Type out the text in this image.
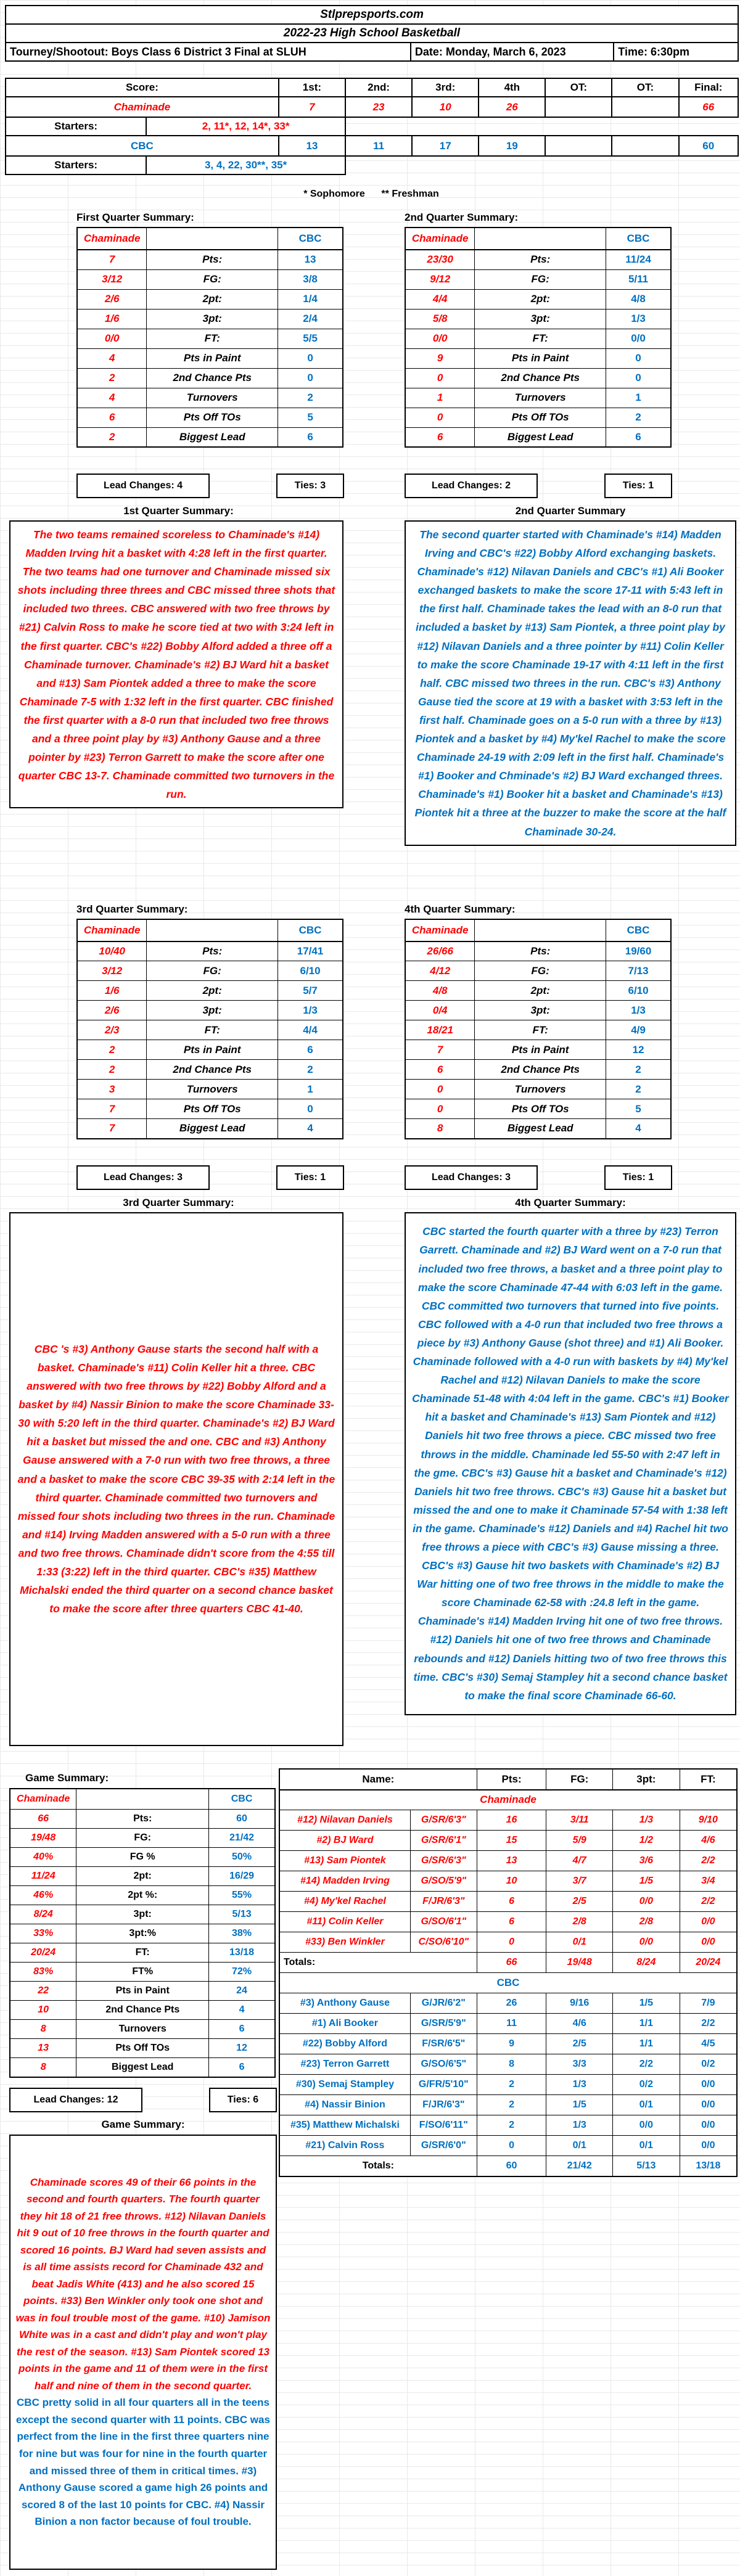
Stlprepsports.com
2022-23 High School Basketball
Tourney/Shootout: Boys Class 6 District 3 Final at SLUH	Date: Monday, March 6, 2023	Time: 6:30pm
Score:		1st:	2nd:	3rd:	4th	OT:	OT:	Final:
Chaminade		7	23	10	26			66
Starters:	2, 11*, 12, 14*, 33*							
CBC		13	11	17	19			60
Starters:	3, 4, 22, 30**, 35*							
* Sophomore      ** Freshman
First Quarter Summary:
Chaminade		CBC
7	Pts:	13
3/12	FG:	3/8
2/6	2pt:	1/4
1/6	3pt:	2/4
0/0	FT:	5/5
4	Pts in Paint	0
2	2nd Chance Pts	0
4	Turnovers	2
6	Pts Off TOs	5
2	Biggest Lead	6
Lead Changes: 4	Ties: 3
1st Quarter Summary:
The two teams remained scoreless to Chaminade's #14) Madden Irving hit a basket with 4:28 left in the first quarter. The two teams had one turnover and Chaminade missed six shots including three threes and CBC missed three shots that included two threes. CBC answered with two free throws by #21) Calvin Ross to make he score tied at two with 3:24 left in the first quarter. CBC's #22) Bobby Alford added a three off a Chaminade turnover. Chaminade's #2) BJ Ward hit a basket and #13) Sam Piontek added a three to make the score Chaminade 7-5 with 1:32 left in the first quarter. CBC finished the first quarter with a 8-0 run that included two free throws and a three point play by #3) Anthony Gause and a three pointer by #23) Terron Garrett to make the score after one quarter CBC 13-7. Chaminade committed two turnovers in the run.
2nd Quarter Summary:
Chaminade		CBC
23/30	Pts:	11/24
9/12	FG:	5/11
4/4	2pt:	4/8
5/8	3pt:	1/3
0/0	FT:	0/0
9	Pts in Paint	0
0	2nd Chance Pts	0
1	Turnovers	1
0	Pts Off TOs	2
6	Biggest Lead	6
Lead Changes: 2	Ties: 1
2nd Quarter Summary
The second quarter started with Chaminade's #14) Madden Irving and CBC's #22) Bobby Alford exchanging baskets. Chaminade's #12) Nilavan Daniels and CBC's #1) Ali Booker exchanged baskets to make the score 17-11 with 5:43 left in the first half. Chaminade takes the lead with an 8-0 run that included a basket by #13) Sam Piontek, a three point play by #12) Nilavan Daniels and a three pointer by #11) Colin Keller to make the score Chaminade 19-17 with 4:11 left in the first half. CBC missed two threes in the run. CBC's #3) Anthony Gause tied the score at 19 with a basket with 3:53 left in the first half. Chaminade goes on a 5-0 run with a three by #13) Piontek and a basket by #4) My'kel Rachel to make the score Chaminade 24-19 with 2:09 left in the first half. Chaminade's #1) Booker and Chminade's #2) BJ Ward exchanged threes. Chaminade's #1) Booker hit a basket and Chaminade's #13) Piontek hit a three at the buzzer to make the score at the half Chaminade 30-24.
3rd Quarter Summary:
Chaminade		CBC
10/40	Pts:	17/41
3/12	FG:	6/10
1/6	2pt:	5/7
2/6	3pt:	1/3
2/3	FT:	4/4
2	Pts in Paint	6
2	2nd Chance Pts	2
3	Turnovers	1
7	Pts Off TOs	0
7	Biggest Lead	4
Lead Changes: 3	Ties: 1
3rd Quarter Summary:
CBC 's #3) Anthony Gause starts the second half with a basket. Chaminade's #11) Colin Keller hit a three. CBC answered with two free throws by #22) Bobby Alford and a basket by #4) Nassir Binion to make the score Chaminade 33-30 with 5:20 left in the third quarter. Chaminade's #2) BJ Ward hit a basket but missed the and one. CBC and #3) Anthony Gause answered with a 7-0 run with two free throws, a three and a basket to make the score CBC 39-35 with 2:14 left in the third quarter. Chaminade committed two turnovers and missed four shots including two threes in the run. Chaminade and #14) Irving Madden answered with a 5-0 run with a three and two free throws. Chaminade didn't score from the 4:55 till 1:33 (3:22) left in the third quarter. CBC's #35) Matthew Michalski ended the third quarter on a second chance basket to make the score after three quarters CBC 41-40.
4th Quarter Summary:
Chaminade		CBC
26/66	Pts:	19/60
4/12	FG:	7/13
4/8	2pt:	6/10
0/4	3pt:	1/3
18/21	FT:	4/9
7	Pts in Paint	12
6	2nd Chance Pts	2
0	Turnovers	2
0	Pts Off TOs	5
8	Biggest Lead	4
Lead Changes: 3	Ties: 1
4th Quarter Summary:
CBC started the fourth quarter with a three by #23) Terron Garrett. Chaminade and #2) BJ Ward went on a 7-0 run that included two free throws, a basket and a three point play to make the score Chaminade 47-44 with 6:03 left in the game. CBC committed two turnovers that turned into five points. CBC followed with a 4-0 run that included two free throws a piece by #3) Anthony Gause (shot three) and #1) Ali Booker. Chaminade followed with a 4-0 run with baskets by #4) My'kel Rachel and #12) Nilavan Daniels to make the score Chaminade 51-48 with 4:04 left in the game. CBC's #1) Booker hit a basket and Chaminade's #13) Sam Piontek and #12) Daniels hit two free throws a piece. CBC missed two free throws in the middle. Chaminade led 55-50 with 2:47 left in the gme. CBC's #3) Gause hit a basket and Chaminade's #12) Daniels hit two free throws. CBC's #3) Gause hit a basket but missed the and one to make it Chaminade 57-54 with 1:38 left in the game. Chaminade's #12) Daniels and #4) Rachel hit two free throws a piece with CBC's #3) Gause missing a three. CBC's #3) Gause hit two baskets with Chaminade's #2) BJ War hitting one of two free throws in the middle to make the score Chaminade 62-58 with :24.8 left in the game. Chaminade's #14) Madden Irving hit one of two free throws. #12) Daniels hit one of two free throws and Chaminade rebounds and #12) Daniels hitting two of two free throws this time. CBC's #30) Semaj Stampley hit a second chance basket to make the final score Chaminade 66-60.
Game Summary:
Chaminade		CBC
66	Pts:	60
19/48	FG:	21/42
40%	FG %	50%
11/24	2pt:	16/29
46%	2pt %:	55%
8/24	3pt:	5/13
33%	3pt:%	38%
20/24	FT:	13/18
83%	FT%	72%
22	Pts in Paint	24
10	2nd Chance Pts	4
8	Turnovers	6
13	Pts Off TOs	12
8	Biggest Lead	6
Lead Changes: 12	Ties: 6
Game Summary:
Chaminade scores 49 of their 66 points in the second and fourth quarters. The fourth quarter they hit 18 of 21 free throws. #12) Nilavan Daniels hit 9 out of 10 free throws in the fourth quarter and scored 16 points. BJ Ward had seven assists and is all time assists record for Chaminade 432 and beat Jadis White (413) and he also scored 15 points. #33) Ben Winkler only took one shot and was in foul trouble most of the game. #10) Jamison White was in a cast and didn't play and won't play the rest of the season. #13) Sam Piontek scored 13 points in the game and 11 of them were in the first half and nine of them in the second quarter.
CBC pretty solid in all four quarters all in the teens except the second quarter with 11 points. CBC was perfect from the line in the first three quarters nine for nine but was four for nine in the fourth quarter and missed three of them in critical times. #3) Anthony Gause scored a game high 26 points and scored 8 of the last 10 points for CBC. #4) Nassir Binion a non factor because of foul trouble.
Name:		Pts:	FG:	3pt:	FT:
Chaminade					
#12) Nilavan Daniels	G/SR/6'3"	16	3/11	1/3	9/10
#2) BJ Ward	G/SR/6'1"	15	5/9	1/2	4/6
#13) Sam Piontek	G/SR/6'3"	13	4/7	3/6	2/2
#14) Madden Irving	G/SO/5'9"	10	3/7	1/5	3/4
#4) My'kel Rachel	F/JR/6'3"	6	2/5	0/0	2/2
#11) Colin Keller	G/SO/6'1"	6	2/8	2/8	0/0
#33) Ben Winkler	C/SO/6'10"	0	0/1	0/0	0/0
Totals:		66	19/48	8/24	20/24
CBC					
#3) Anthony Gause	G/JR/6'2"	26	9/16	1/5	7/9
#1) Ali Booker	G/SR/5'9"	11	4/6	1/1	2/2
#22) Bobby Alford	F/SR/6'5"	9	2/5	1/1	4/5
#23) Terron Garrett	G/SO/6'5"	8	3/3	2/2	0/2
#30) Semaj Stampley	G/FR/5'10"	2	1/3	0/2	0/0
#4) Nassir Binion	F/JR/6'3"	2	1/5	0/1	0/0
#35) Matthew Michalski	F/SO/6'11"	2	1/3	0/0	0/0
#21) Calvin Ross	G/SR/6'0"	0	0/1	0/1	0/0
Totals:		60	21/42	5/13	13/18
